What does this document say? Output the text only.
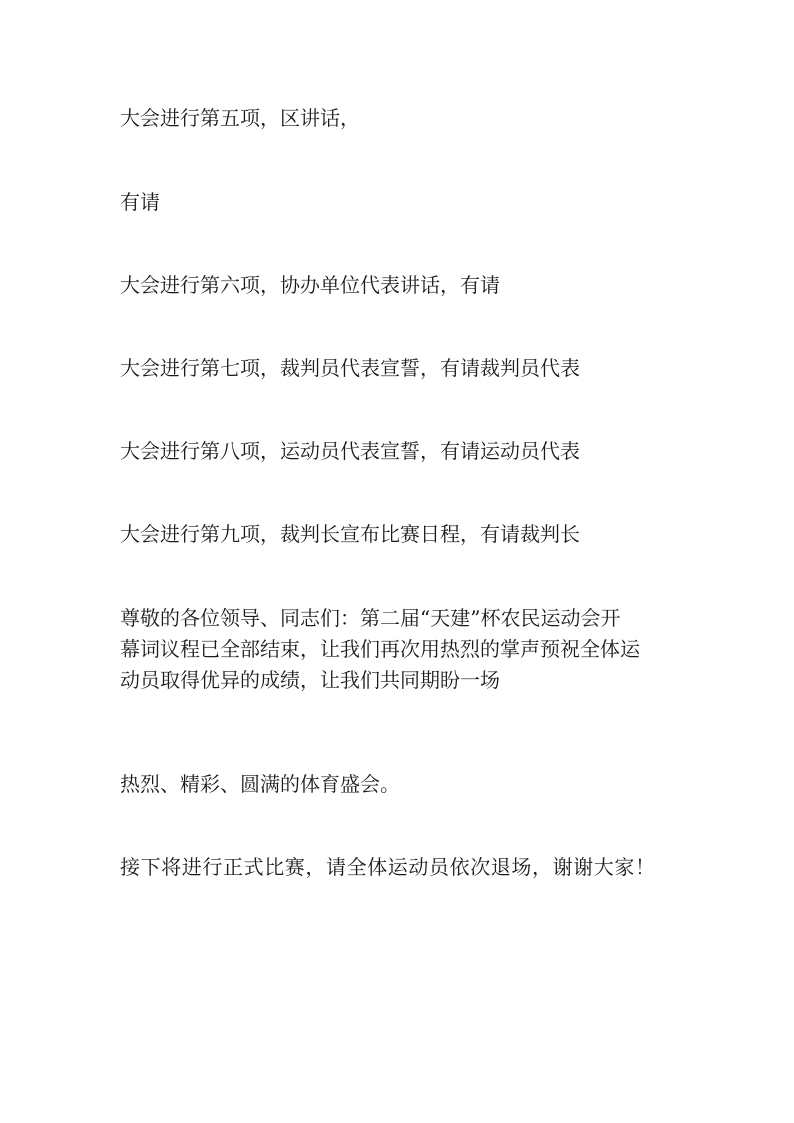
大会进行第五项，区讲话，

有请

大会进行第六项，协办单位代表讲话，有请

大会进行第七项，裁判员代表宣誓，有请裁判员代表

大会进行第八项，运动员代表宣誓，有请运动员代表

大会进行第九项，裁判长宣布比赛日程，有请裁判长

尊敬的各位领导、同志们：第二届“天建”杯农民运动会开
幕词议程已全部结束，让我们再次用热烈的掌声预祝全体运
动员取得优异的成绩，让我们共同期盼一场

热烈、精彩、圆满的体育盛会。

接下将进行正式比赛，请全体运动员依次退场，谢谢大家！
